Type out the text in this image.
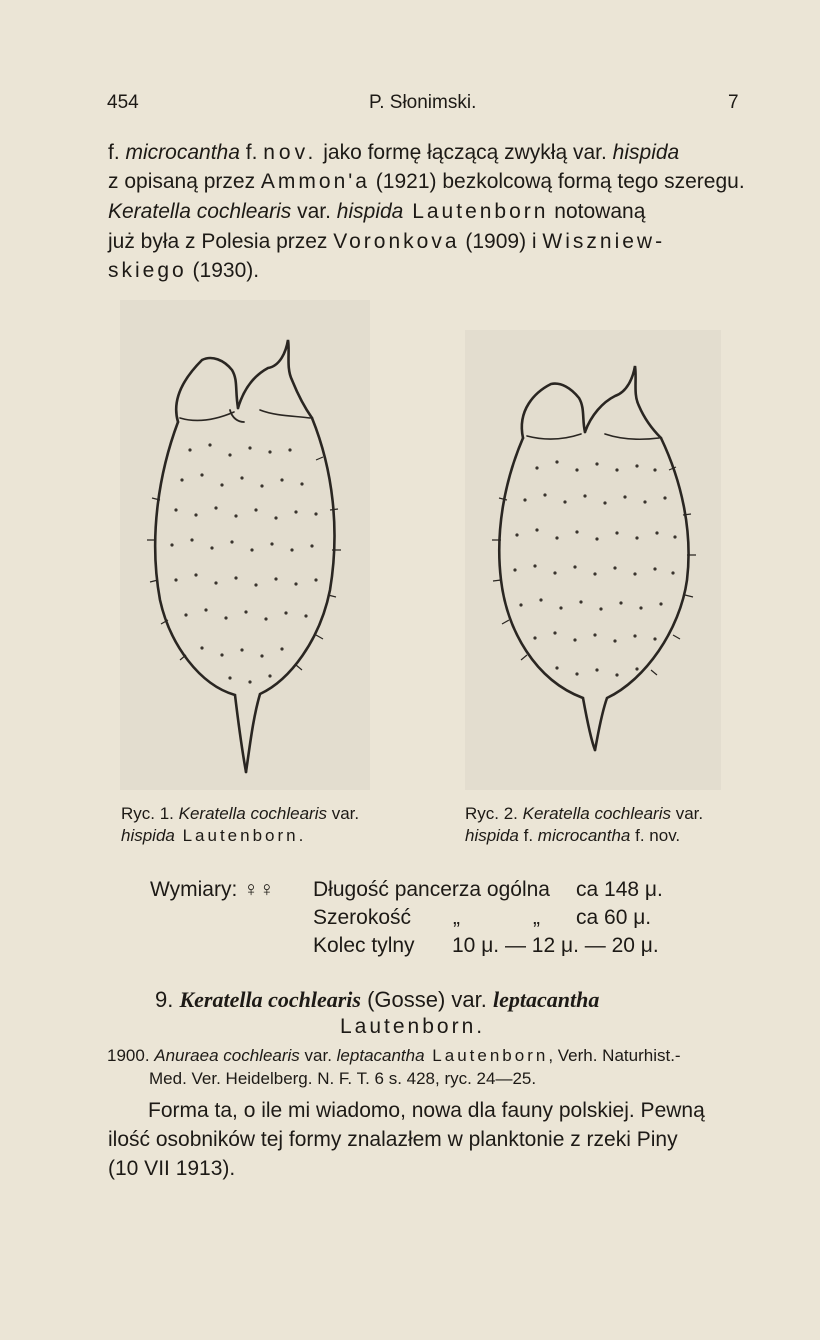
454	P. Słonimski.	7
f. microcantha f. nov. jako formę łączącą zwykłą var. hispida
z opisaną przez Ammon'a (1921) bezkolcową formą tego szeregu.
Keratella cochlearis var. hispida Lautenborn notowaną
już była z Polesia przez Voronkova (1909) i Wiszniew-
skiego (1930).
Ryc. 1. Keratella cochlearis var.
hispida Lautenborn.
Ryc. 2. Keratella cochlearis var.
hispida f. microcantha f. nov.
Wymiary: ♀♀ Długość pancerza ogólna ca 148 μ.
Szerokość „	„ ca 60 μ.
Kolec tylny 10 μ. — 12 μ. — 20 μ.
9. Keratella cochlearis (Gosse) var. leptacantha
Lautenborn.
1900. Anuraea cochlearis var. leptacantha Lautenborn, Verh. Naturhist.-
Med. Ver. Heidelberg. N. F. T. 6 s. 428, ryc. 24—25.
Forma ta, o ile mi wiadomo, nowa dla fauny polskiej. Pewną
ilość osobników tej formy znalazłem w planktonie z rzeki Piny
(10 VII 1913).
